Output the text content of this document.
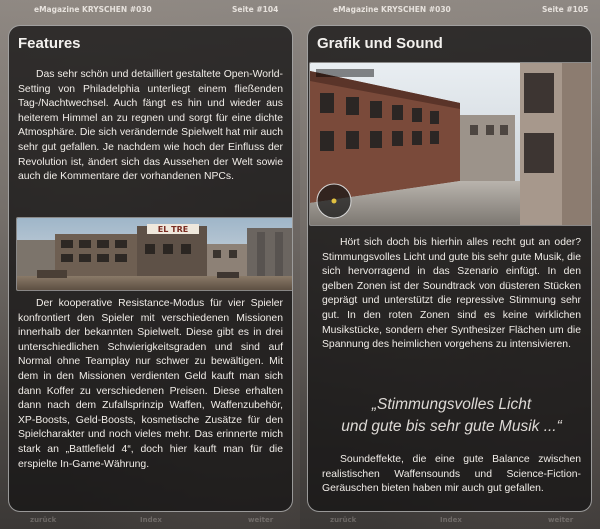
eMagazine KRYSCHEN #030	Seite #104
Features

Das sehr schön und detailliert gestaltete Open-World-Setting von Philadelphia unterliegt einem fließenden Tag-/Nachtwechsel. Auch fängt es hin und wieder aus heiterem Himmel an zu regnen und sorgt für eine dichte Atmosphäre. Die sich verändernde Spielwelt hat mir auch sehr gut gefallen. Je nachdem wie hoch der Einfluss der Revolution ist, ändert sich das Aussehen der Welt sowie auch die Kommentare der vorhandenen NPCs.

EL TRE

Der kooperative Resistance-Modus für vier Spieler konfrontiert den Spieler mit verschiedenen Missionen innerhalb der bekannten Spielwelt. Diese gibt es in drei unterschiedlichen Schwierigkeitsgraden und sind auf Normal ohne Teamplay nur schwer zu bewältigen. Mit dem in den Missionen verdienten Geld kauft man sich dann Koffer zu verschiedenen Preisen. Diese erhalten dann nach dem Zufallsprinzip Waffen, Waffenzubehör, XP-Boosts, Geld-Boosts, kosmetische Zusätze für den Spielcharakter und noch vieles mehr. Das erinnerte mich stark an „Battlefield 4“, doch hier kauft man für die erspielte In-Game-Währung.

zurück	Index	weiter
eMagazine KRYSCHEN #030	Seite #105
Grafik und Sound

Hört sich doch bis hierhin alles recht gut an oder? Stimmungsvolles Licht und gute bis sehr gute Musik, die sich hervorragend in das Szenario einfügt. In den gelben Zonen ist der Soundtrack von düsteren Stücken geprägt und unterstützt die repressive Stimmung sehr gut. In den roten Zonen sind es keine wirklichen Musikstücke, sondern eher Synthesizer Flächen um die Spannung des heimlichen vorgehens zu intensivieren.

„Stimmungsvolles Licht
und gute bis sehr gute Musik ...“

Soundeffekte, die eine gute Balance zwischen realistischen Waffensounds und Science-Fiction-Geräuschen bieten haben mir auch gut gefallen.

zurück	Index	weiter
